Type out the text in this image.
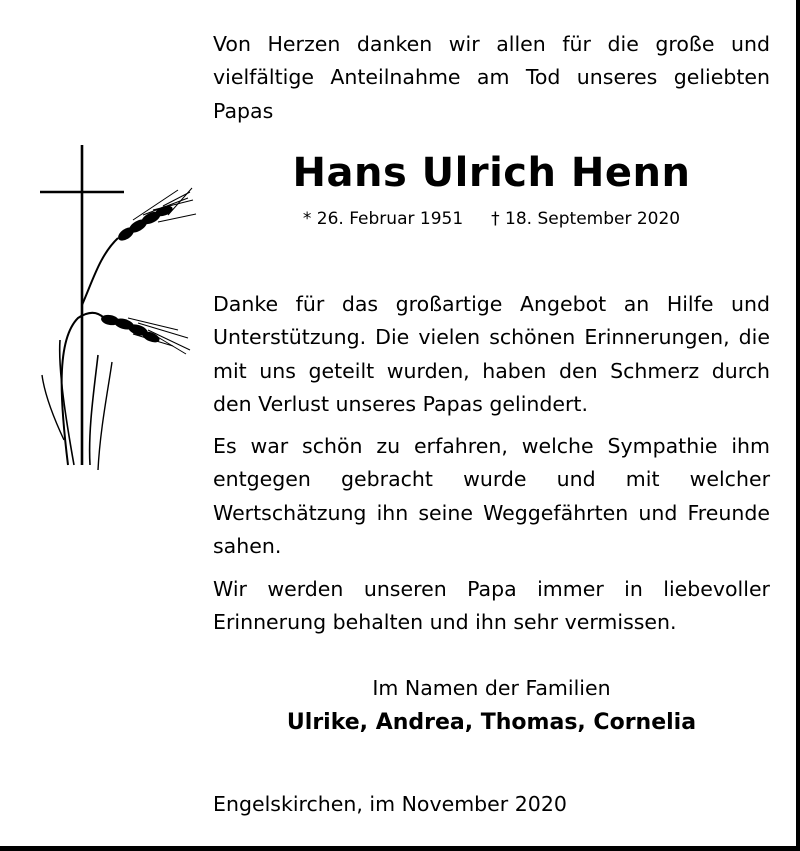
Von Herzen danken wir allen für die große und vielfältige Anteilnahme am Tod unseres geliebten Papas

Hans Ulrich Henn
* 26. Februar 1951 † 18. September 2020

Danke für das großartige Angebot an Hilfe und Unterstützung. Die vielen schönen Erinnerungen, die mit uns geteilt wurden, haben den Schmerz durch den Verlust unseres Papas gelindert.

Es war schön zu erfahren, welche Sympathie ihm entgegen gebracht wurde und mit welcher Wertschätzung ihn seine Weggefährten und Freunde sahen.

Wir werden unseren Papa immer in liebevoller Erinnerung behalten und ihn sehr vermissen.

Im Namen der Familien
Ulrike, Andrea, Thomas, Cornelia
Engelskirchen, im November 2020
